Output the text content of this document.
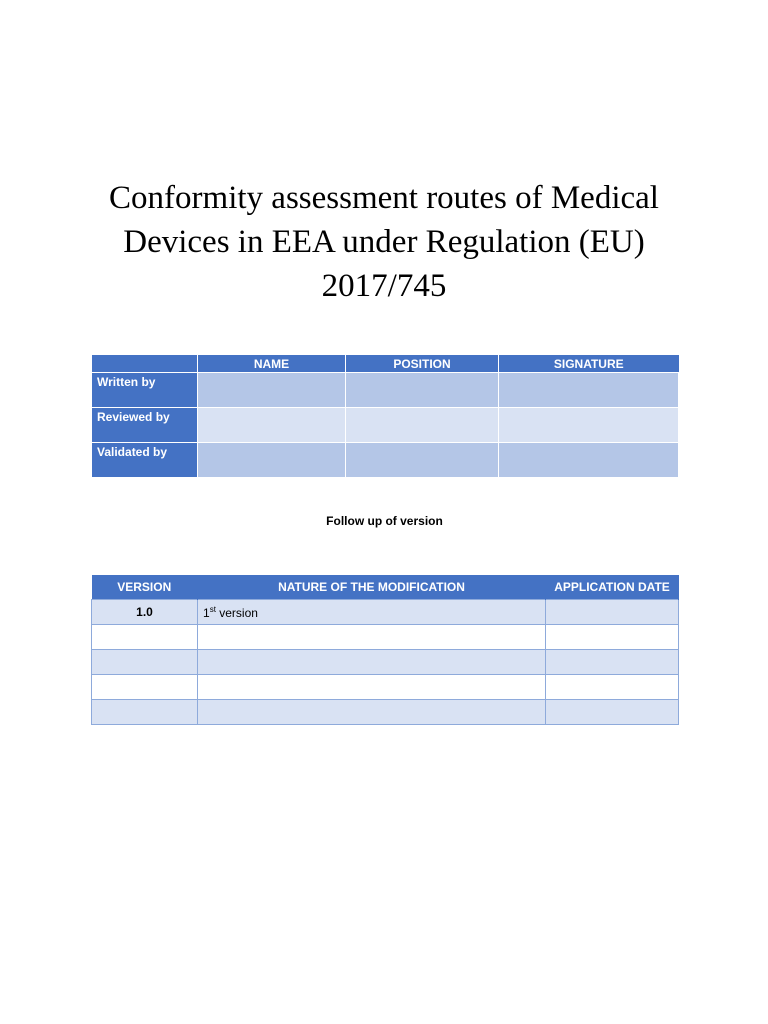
Conformity assessment routes of Medical Devices in EEA under Regulation (EU) 2017/745
	NAME	POSITION	SIGNATURE
Written by			
Reviewed by			
Validated by			

Follow up of version

VERSION	NATURE OF THE MODIFICATION	APPLICATION DATE
1.0	1st version	
